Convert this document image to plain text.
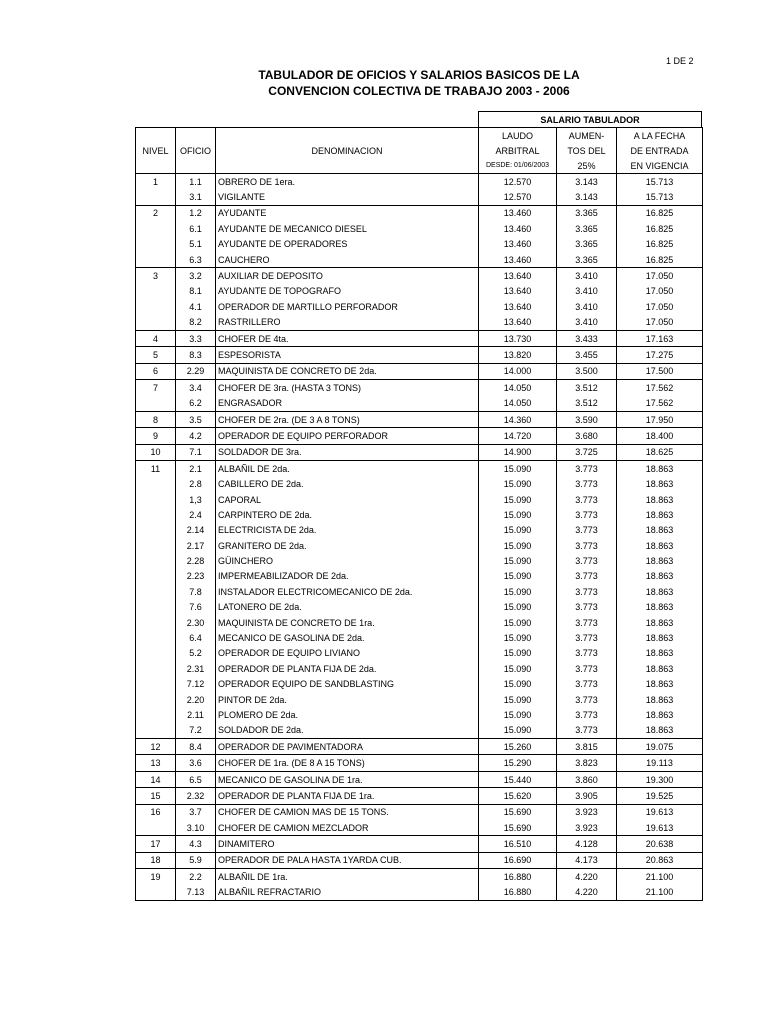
1 DE 2
TABULADOR DE OFICIOS Y SALARIOS BASICOS DE LA
CONVENCION COLECTIVA DE TRABAJO 2003 - 2006
SALARIO TABULADOR
			LAUDO	AUMEN-	A LA FECHA
NIVEL	OFICIO	DENOMINACION	ARBITRAL	TOS DEL	DE ENTRADA
			DESDE: 01/06/2003	25%	EN VIGENCIA
1	1.1	OBRERO DE 1era.	12.570	3.143	15.713
	3.1	VIGILANTE	12.570	3.143	15.713
2	1.2	AYUDANTE	13.460	3.365	16.825
	6.1	AYUDANTE DE MECANICO DIESEL	13.460	3.365	16.825
	5.1	AYUDANTE DE OPERADORES	13.460	3.365	16.825
	6.3	CAUCHERO	13.460	3.365	16.825
3	3.2	AUXILIAR DE DEPOSITO	13.640	3.410	17.050
	8.1	AYUDANTE DE TOPOGRAFO	13.640	3.410	17.050
	4.1	OPERADOR DE MARTILLO PERFORADOR	13.640	3.410	17.050
	8.2	RASTRILLERO	13.640	3.410	17.050
4	3.3	CHOFER DE 4ta.	13.730	3.433	17.163
5	8.3	ESPESORISTA	13.820	3.455	17.275
6	2.29	MAQUINISTA DE CONCRETO DE 2da.	14.000	3.500	17.500
7	3.4	CHOFER DE 3ra. (HASTA 3 TONS)	14.050	3.512	17.562
	6.2	ENGRASADOR	14.050	3.512	17.562
8	3.5	CHOFER DE 2ra. (DE 3 A 8 TONS)	14.360	3.590	17.950
9	4.2	OPERADOR DE EQUIPO PERFORADOR	14.720	3.680	18.400
10	7.1	SOLDADOR DE 3ra.	14.900	3.725	18.625
11	2.1	ALBAÑIL DE 2da.	15.090	3.773	18.863
	2.8	CABILLERO DE 2da.	15.090	3.773	18.863
	1,3	CAPORAL	15.090	3.773	18.863
	2.4	CARPINTERO DE 2da.	15.090	3.773	18.863
	2.14	ELECTRICISTA DE 2da.	15.090	3.773	18.863
	2.17	GRANITERO DE 2da.	15.090	3.773	18.863
	2.28	GÜINCHERO	15.090	3.773	18.863
	2.23	IMPERMEABILIZADOR DE 2da.	15.090	3.773	18.863
	7.8	INSTALADOR ELECTRICOMECANICO DE 2da.	15.090	3.773	18.863
	7.6	LATONERO DE 2da.	15.090	3.773	18.863
	2.30	MAQUINISTA DE CONCRETO DE 1ra.	15.090	3.773	18.863
	6.4	MECANICO DE GASOLINA DE 2da.	15.090	3.773	18.863
	5.2	OPERADOR DE EQUIPO LIVIANO	15.090	3.773	18.863
	2.31	OPERADOR DE PLANTA FIJA DE 2da.	15.090	3.773	18.863
	7.12	OPERADOR EQUIPO DE SANDBLASTING	15.090	3.773	18.863
	2.20	PINTOR DE 2da.	15.090	3.773	18.863
	2.11	PLOMERO DE 2da.	15.090	3.773	18.863
	7.2	SOLDADOR DE 2da.	15.090	3.773	18.863
12	8.4	OPERADOR DE PAVIMENTADORA	15.260	3.815	19.075
13	3.6	CHOFER DE 1ra. (DE 8 A 15 TONS)	15.290	3.823	19.113
14	6.5	MECANICO DE GASOLINA DE 1ra.	15.440	3.860	19.300
15	2.32	OPERADOR DE PLANTA FIJA DE 1ra.	15.620	3.905	19.525
16	3.7	CHOFER DE CAMION MAS DE 15 TONS.	15.690	3.923	19.613
	3.10	CHOFER DE CAMION MEZCLADOR	15.690	3.923	19.613
17	4.3	DINAMITERO	16.510	4.128	20.638
18	5.9	OPERADOR DE PALA HASTA 1YARDA CUB.	16.690	4.173	20.863
19	2.2	ALBAÑIL DE 1ra.	16.880	4.220	21.100
	7.13	ALBAÑIL REFRACTARIO	16.880	4.220	21.100
